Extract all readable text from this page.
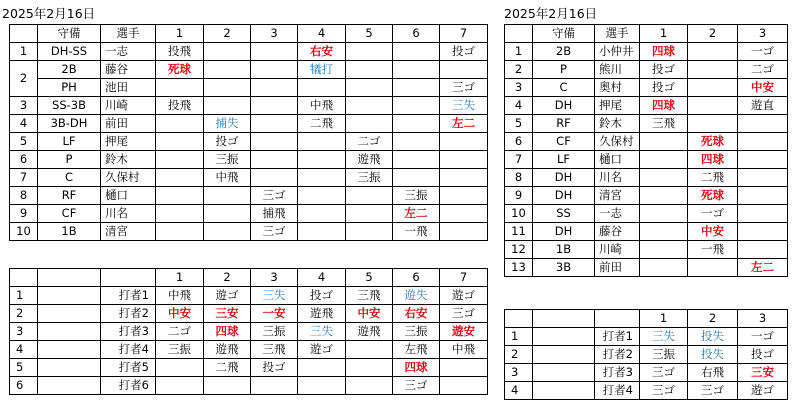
2025年2月16日
	守備	選手	1	2	3	4	5	6	7
1	DH-SS	一志	投飛			右安			投ゴ
2	2B	藤谷	死球			犠打			
	PH	池田							三ゴ
3	SS-3B	川崎	投飛			中飛			三失
4	3B-DH	前田		捕失		二飛			左二
5	LF	押尾		投ゴ			二ゴ		
6	P	鈴木		三振			遊飛		
7	C	久保村		中飛			三振		
8	RF	樋口			三ゴ			三振	
9	CF	川名			捕飛			左二	
10	1B	清宮			三ゴ			一飛	
			1	2	3	4	5	6	7
1		打者1	中飛	遊ゴ	三失	投ゴ	三飛	遊失	遊ゴ
2		打者2	中安	三安	一安	遊飛	中安	右安	三ゴ
3		打者3	二ゴ	四球	三振	三失	遊飛	三振	遊安
4		打者4	三振	遊飛	三飛	遊ゴ		左飛	中飛
5		打者5		二飛	投ゴ			四球	
6		打者6						三ゴ	
2025年2月16日
	守備	選手	1	2	3
1	2B	小仲井	四球		一ゴ
2	P	熊川	投ゴ		二ゴ
3	C	奥村	投ゴ		中安
4	DH	押尾	四球		遊直
5	RF	鈴木	三飛		
6	CF	久保村		死球	
7	LF	樋口		四球	
8	DH	川名		二飛	
9	DH	清宮		死球	
10	SS	一志		一ゴ	
11	DH	藤谷		中安	
12	1B	川崎		一飛	
13	3B	前田			左二
			1	2	3
1		打者1	三失	投失	一ゴ
2		打者2	三振	投失	投ゴ
3		打者3	三ゴ	右飛	三安
4		打者4	三ゴ	三ゴ	遊ゴ
